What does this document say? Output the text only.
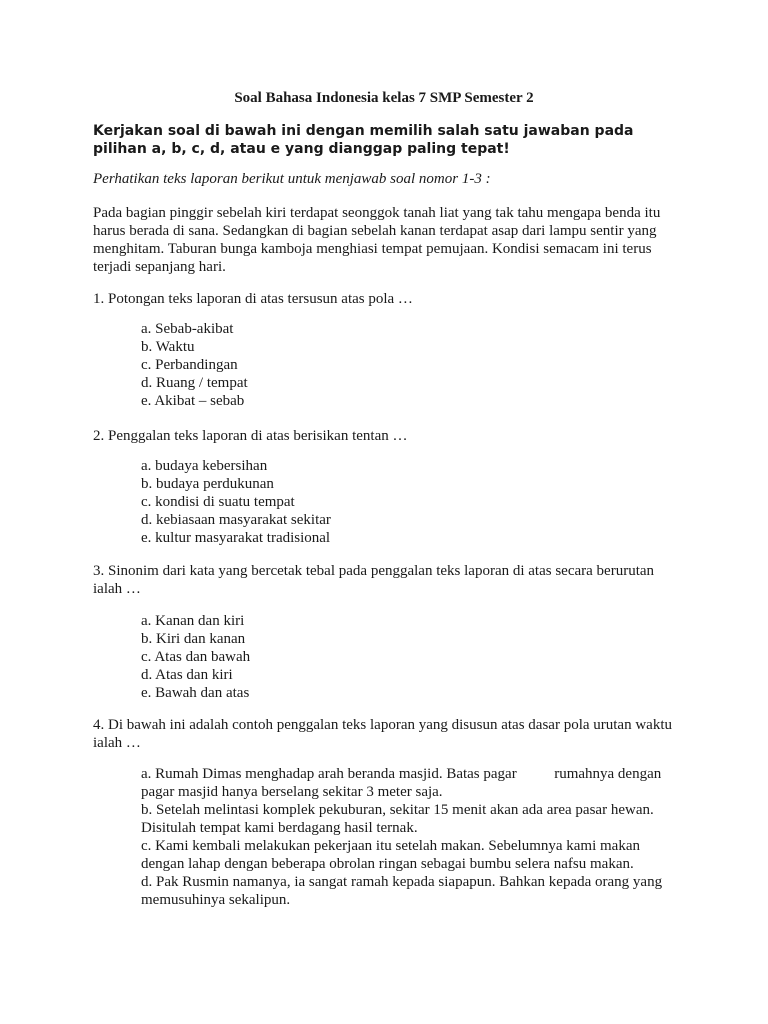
Soal Bahasa Indonesia kelas 7 SMP Semester 2
Kerjakan soal di bawah ini dengan memilih salah satu jawaban pada pilihan a, b, c, d, atau e yang dianggap paling tepat!
Perhatikan teks laporan berikut untuk menjawab soal nomor 1-3 :
Pada bagian pinggir sebelah kiri terdapat seonggok tanah liat yang tak tahu mengapa benda itu harus berada di sana. Sedangkan di bagian sebelah kanan terdapat asap dari lampu sentir yang menghitam. Taburan bunga kamboja menghiasi tempat pemujaan. Kondisi semacam ini terus terjadi sepanjang hari.
1. Potongan teks laporan di atas tersusun atas pola …
a. Sebab-akibat
b. Waktu
c. Perbandingan
d. Ruang / tempat
e. Akibat – sebab
2. Penggalan teks laporan di atas berisikan tentan …
a. budaya kebersihan
b. budaya perdukunan
c. kondisi di suatu tempat
d. kebiasaan masyarakat sekitar
e. kultur masyarakat tradisional
3. Sinonim dari kata yang bercetak tebal pada penggalan teks laporan di atas secara berurutan ialah …
a. Kanan dan kiri
b. Kiri dan kanan
c. Atas dan bawah
d. Atas dan kiri
e. Bawah dan atas
4. Di bawah ini adalah contoh penggalan teks laporan yang disusun atas dasar pola urutan waktu ialah …
a. Rumah Dimas menghadap arah beranda masjid. Batas pagar          rumahnya dengan pagar masjid hanya berselang sekitar 3 meter saja.
b. Setelah melintasi komplek pekuburan, sekitar 15 menit akan ada area pasar hewan. Disitulah tempat kami berdagang hasil ternak.
c. Kami kembali melakukan pekerjaan itu setelah makan. Sebelumnya kami makan dengan lahap dengan beberapa obrolan ringan sebagai bumbu selera nafsu makan.
d. Pak Rusmin namanya, ia sangat ramah kepada siapapun. Bahkan kepada orang yang memusuhinya sekalipun.
